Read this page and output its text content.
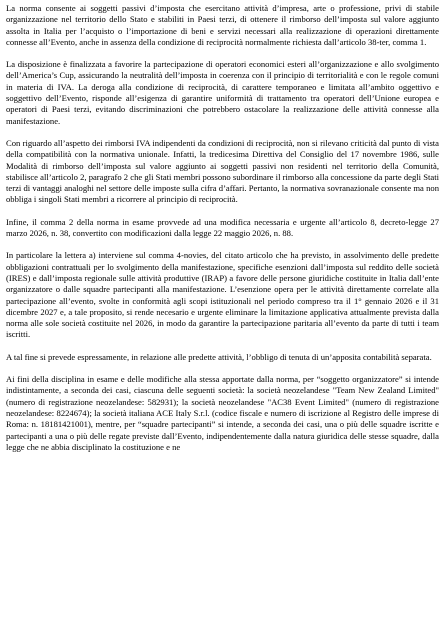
La norma consente ai soggetti passivi d’imposta che esercitano attività d’impresa, arte o professione, privi di stabile organizzazione nel territorio dello Stato e stabiliti in Paesi terzi, di ottenere il rimborso dell’imposta sul valore aggiunto assolta in Italia per l’acquisto o l’importazione di beni e servizi necessari alla realizzazione di operazioni direttamente connesse all’Evento, anche in assenza della condizione di reciprocità normalmente richiesta dall’articolo 38-ter, comma 1.

La disposizione è finalizzata a favorire la partecipazione di operatori economici esteri all’organizzazione e allo svolgimento dell’America’s Cup, assicurando la neutralità dell’imposta in coerenza con il principio di territorialità e con le regole comuni in materia di IVA. La deroga alla condizione di reciprocità, di carattere temporaneo e limitata all’ambito oggettivo e soggettivo dell’Evento, risponde all’esigenza di garantire uniformità di trattamento tra operatori dell’Unione europea e operatori di Paesi terzi, evitando discriminazioni che potrebbero ostacolare la realizzazione delle attività connesse alla manifestazione.

Con riguardo all’aspetto dei rimborsi IVA indipendenti da condizioni di reciprocità, non si rilevano criticità dal punto di vista della compatibilità con la normativa unionale. Infatti, la tredicesima Direttiva del Consiglio del 17 novembre 1986, sulle Modalità di rimborso dell’imposta sul valore aggiunto ai soggetti passivi non residenti nel territorio della Comunità, stabilisce all’articolo 2, paragrafo 2 che gli Stati membri possono subordinare il rimborso alla concessione da parte degli Stati terzi di vantaggi analoghi nel settore delle imposte sulla cifra d’affari. Pertanto, la normativa sovranazionale consente ma non obbliga i singoli Stati membri a ricorrere al principio di reciprocità.

Infine, il comma 2 della norma in esame provvede ad una modifica necessaria e urgente all’articolo 8, decreto-legge 27 marzo 2026, n. 38, convertito con modificazioni dalla legge 22 maggio 2026, n. 88.

In particolare la lettera a) interviene sul comma 4-novies, del citato articolo che ha previsto, in assolvimento delle predette obbligazioni contrattuali per lo svolgimento della manifestazione, specifiche esenzioni dall’imposta sul reddito delle società (IRES) e dall’imposta regionale sulle attività produttive (IRAP) a favore delle persone giuridiche costituite in Italia dall’ente organizzatore o dalle squadre partecipanti alla manifestazione. L’esenzione opera per le attività direttamente correlate alla partecipazione all’evento, svolte in conformità agli scopi istituzionali nel periodo compreso tra il 1° gennaio 2026 e il 31 dicembre 2027 e, a tale proposito, si rende necesario e urgente eliminare la limitazione applicativa attualmente prevista dalla norma alle sole società costituite nel 2026, in modo da garantire la partecipazione paritaria all’evento da parte di tutti i team iscritti.

A tal fine si prevede espressamente, in relazione alle predette attività, l’obbligo di tenuta di un’apposita contabilità separata.

Ai fini della disciplina in esame e delle modifiche alla stessa apportate dalla norma, per “soggetto organizzatore” si intende indistintamente, a seconda dei casi, ciascuna delle seguenti società: la società neozelandese "Team New Zealand Limited" (numero di registrazione neozelandese: 582931); la società neozelandese "AC38 Event Limited" (numero di registrazione neozelandese: 8224674); la società italiana ACE Italy S.r.l. (codice fiscale e numero di iscrizione al Registro delle imprese di Roma: n. 18181421001), mentre, per “squadre partecipanti” si intende, a seconda dei casi, una o più delle squadre iscritte e partecipanti a una o più delle regate previste dall’Evento, indipendentemente dalla natura giuridica delle stesse squadre, dalla legge che ne abbia disciplinato la costituzione e ne
